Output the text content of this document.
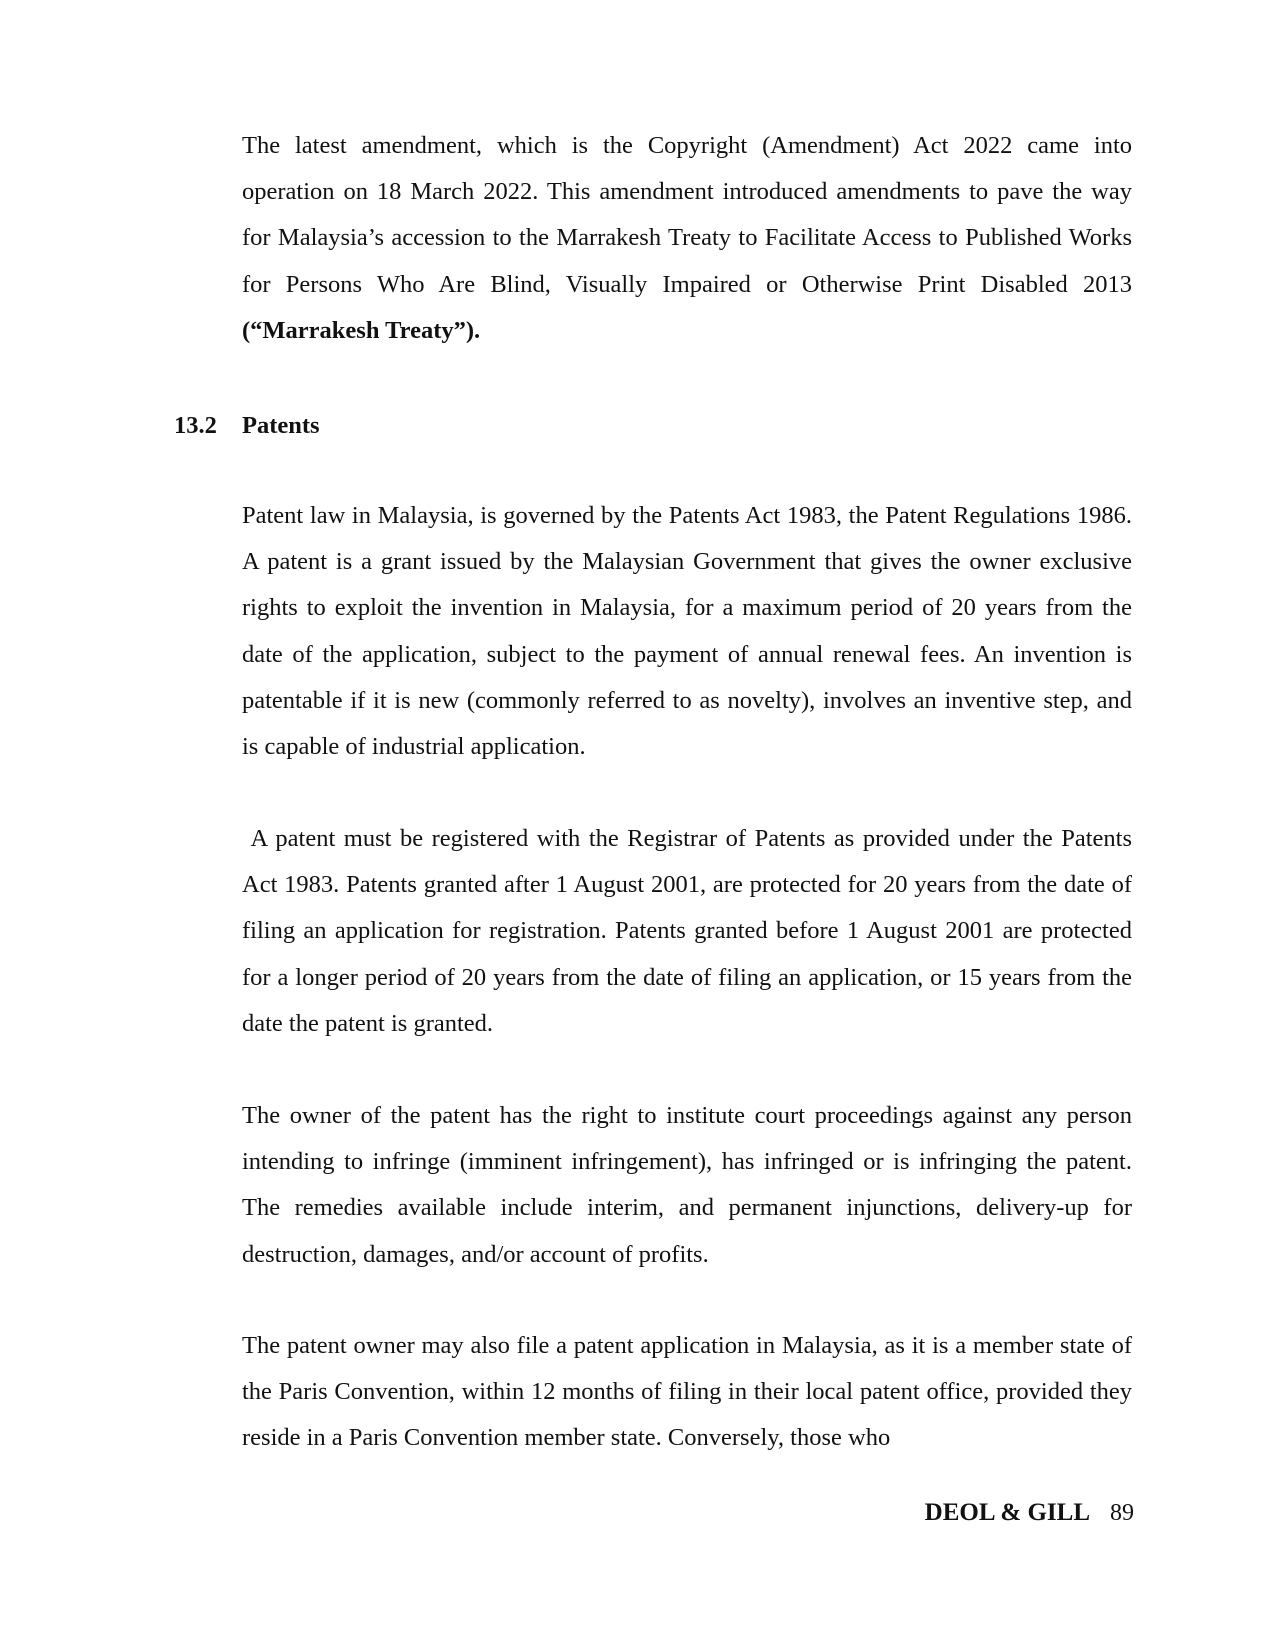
The latest amendment, which is the Copyright (Amendment) Act 2022 came into operation on 18 March 2022. This amendment introduced amendments to pave the way for Malaysia’s accession to the Marrakesh Treaty to Facilitate Access to Published Works for Persons Who Are Blind, Visually Impaired or Otherwise Print Disabled 2013 (“Marrakesh Treaty”).

13.2 Patents

Patent law in Malaysia, is governed by the Patents Act 1983, the Patent Regulations 1986. A patent is a grant issued by the Malaysian Government that gives the owner exclusive rights to exploit the invention in Malaysia, for a maximum period of 20 years from the date of the application, subject to the payment of annual renewal fees. An invention is patentable if it is new (commonly referred to as novelty), involves an inventive step, and is capable of industrial application.

A patent must be registered with the Registrar of Patents as provided under the Patents Act 1983. Patents granted after 1 August 2001, are protected for 20 years from the date of filing an application for registration. Patents granted before 1 August 2001 are protected for a longer period of 20 years from the date of filing an application, or 15 years from the date the patent is granted.

The owner of the patent has the right to institute court proceedings against any person intending to infringe (imminent infringement), has infringed or is infringing the patent. The remedies available include interim, and permanent injunctions, delivery-up for destruction, damages, and/or account of profits.

The patent owner may also file a patent application in Malaysia, as it is a member state of the Paris Convention, within 12 months of filing in their local patent office, provided they reside in a Paris Convention member state. Conversely, those who

DEOL & GILL 89
